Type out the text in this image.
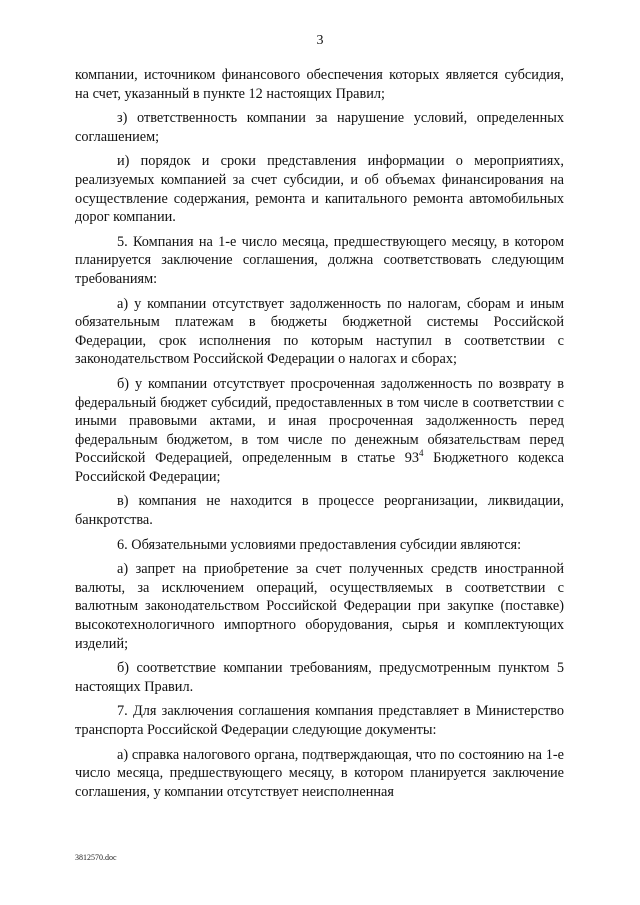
3

компании, источником финансового обеспечения которых является субсидия, на счет, указанный в пункте 12 настоящих Правил;

з) ответственность компании за нарушение условий, определенных соглашением;

и) порядок и сроки представления информации о мероприятиях, реализуемых компанией за счет субсидии, и об объемах финансирования на осуществление содержания, ремонта и капитального ремонта автомобильных дорог компании.

5. Компания на 1-е число месяца, предшествующего месяцу, в котором планируется заключение соглашения, должна соответствовать следующим требованиям:

а) у компании отсутствует задолженность по налогам, сборам и иным обязательным платежам в бюджеты бюджетной системы Российской Федерации, срок исполнения по которым наступил в соответствии с законодательством Российской Федерации о налогах и сборах;

б) у компании отсутствует просроченная задолженность по возврату в федеральный бюджет субсидий, предоставленных в том числе в соответствии с иными правовыми актами, и иная просроченная задолженность перед федеральным бюджетом, в том числе по денежным обязательствам перед Российской Федерацией, определенным в статье $93^4$ Бюджетного кодекса Российской Федерации;

в) компания не находится в процессе реорганизации, ликвидации, банкротства.

6. Обязательными условиями предоставления субсидии являются:

а) запрет на приобретение за счет полученных средств иностранной валюты, за исключением операций, осуществляемых в соответствии с валютным законодательством Российской Федерации при закупке (поставке) высокотехнологичного импортного оборудования, сырья и комплектующих изделий;

б) соответствие компании требованиям, предусмотренным пунктом 5 настоящих Правил.

7. Для заключения соглашения компания представляет в Министерство транспорта Российской Федерации следующие документы:

а) справка налогового органа, подтверждающая, что по состоянию на 1-е число месяца, предшествующего месяцу, в котором планируется заключение соглашения, у компании отсутствует неисполненная

3812570.doc
